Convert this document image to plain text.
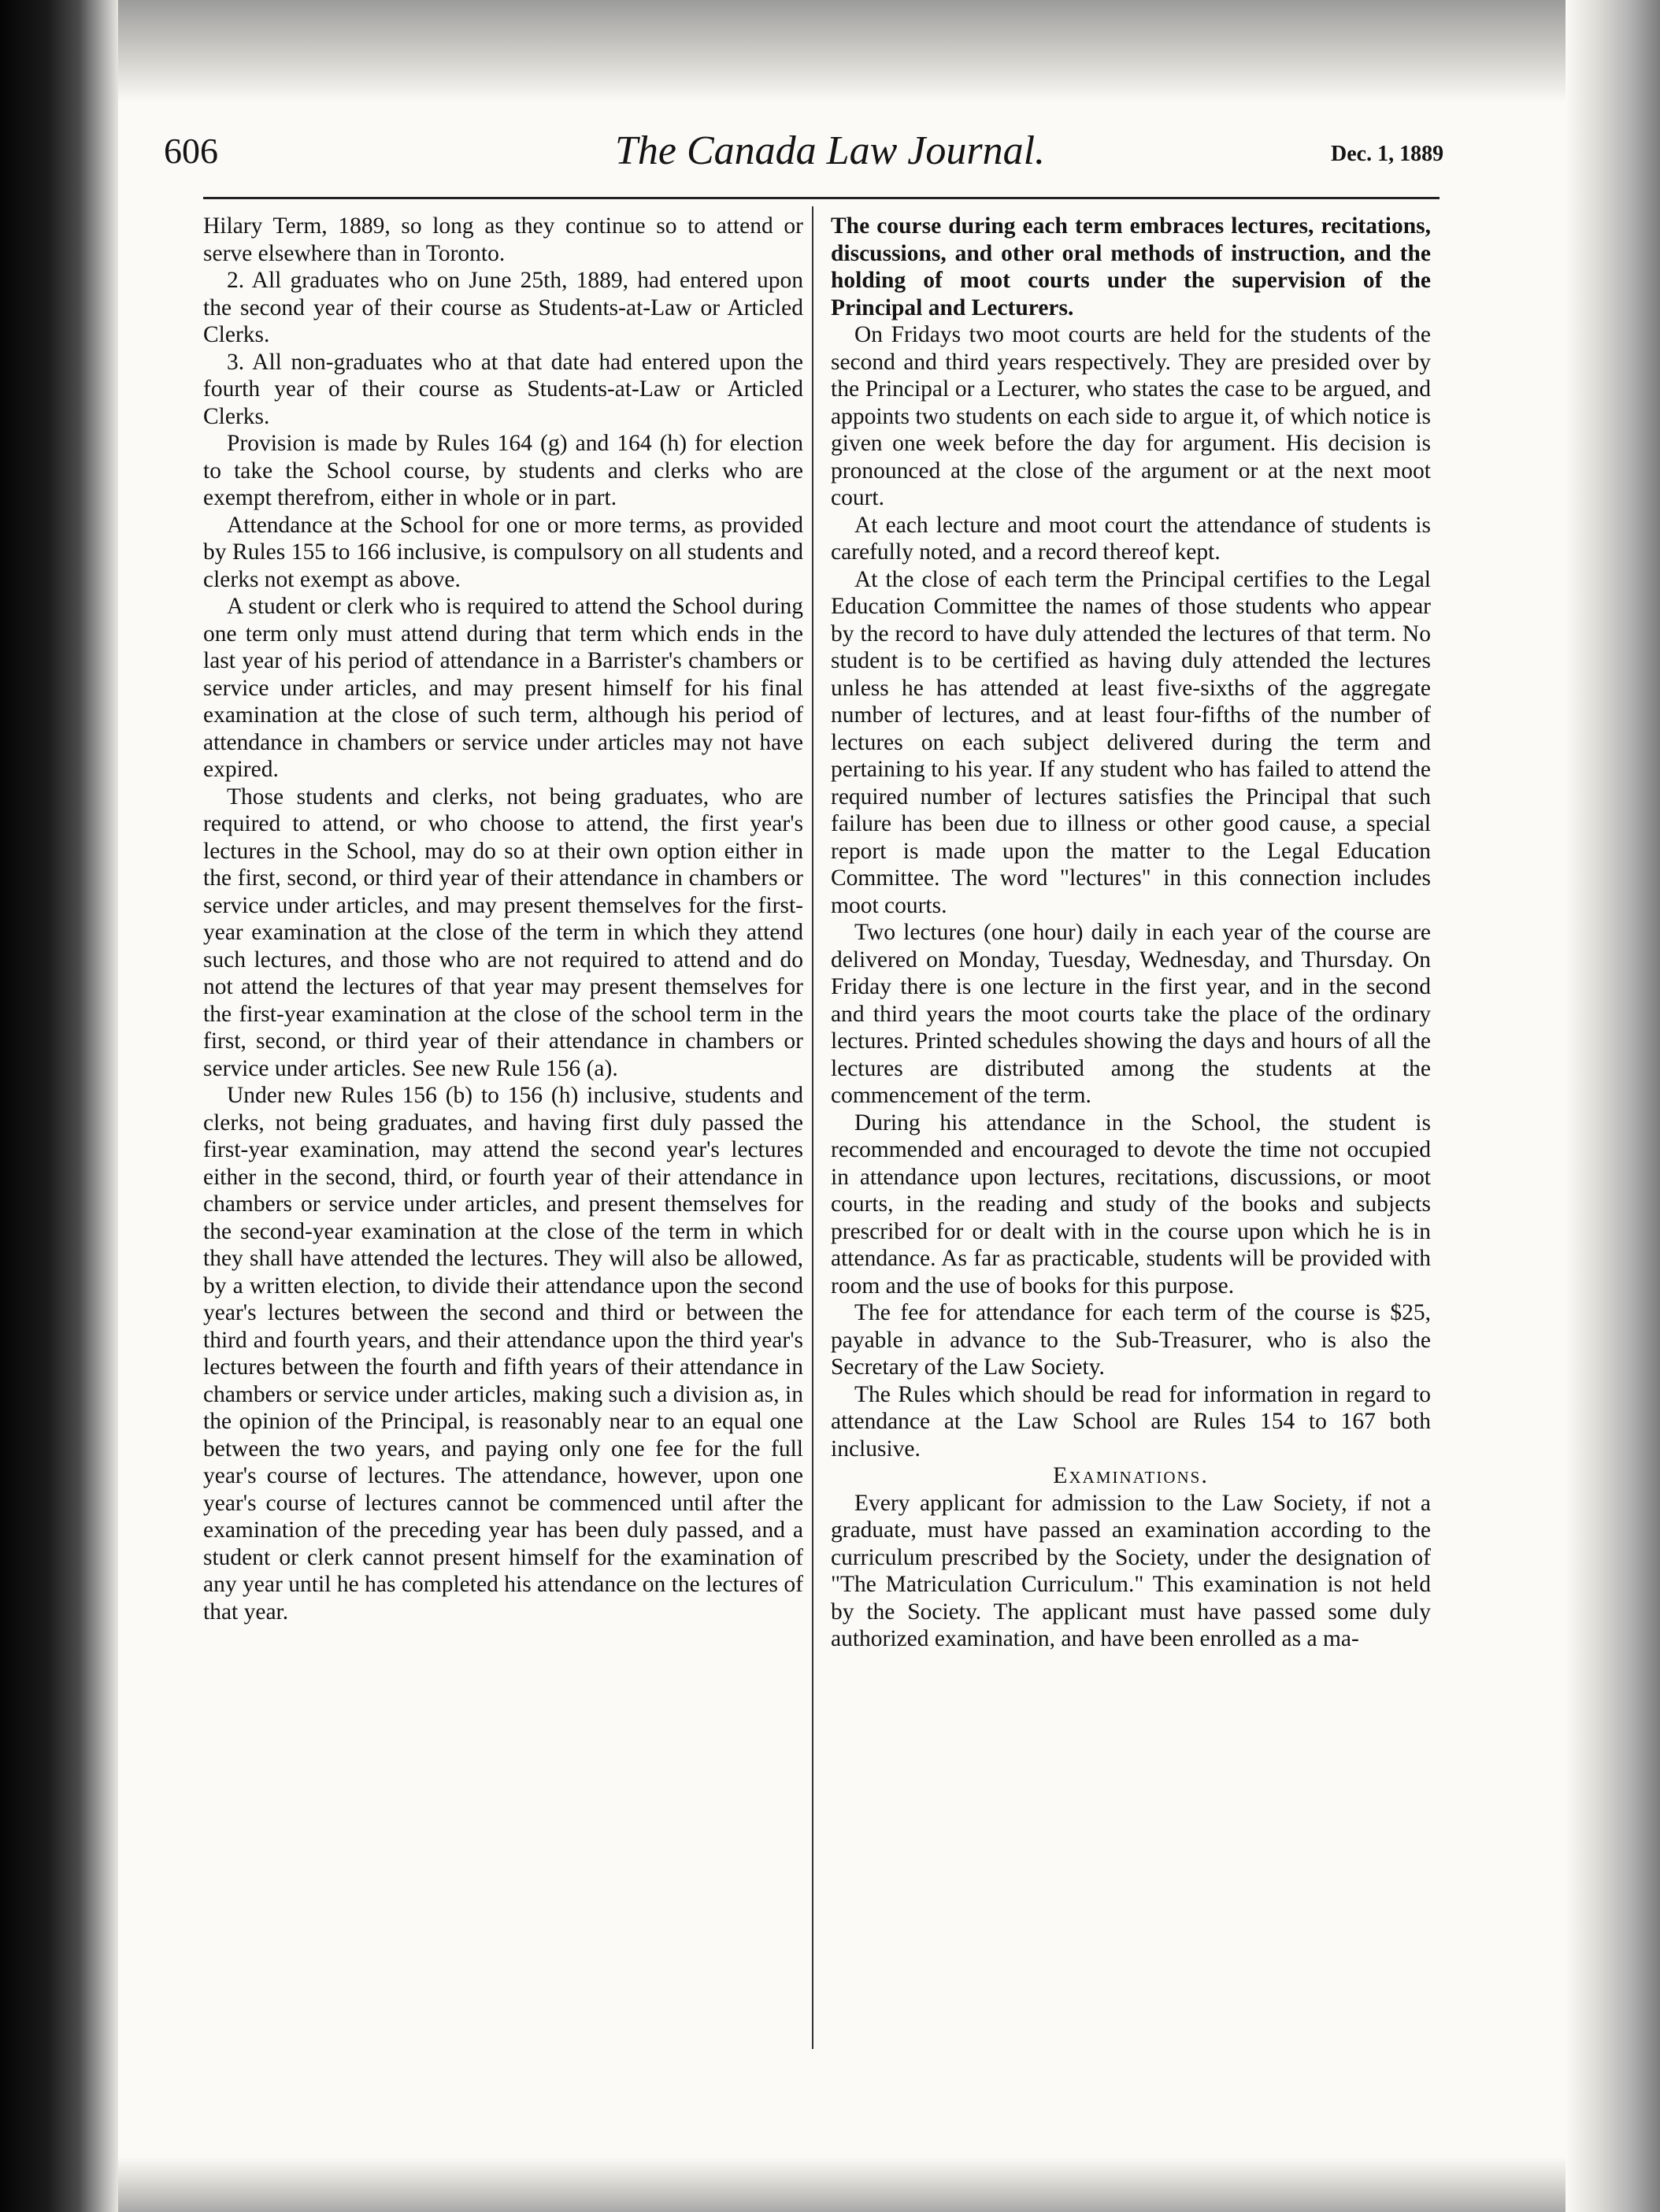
606	The Canada Law Journal.	Dec. 1, 1889

Hilary Term, 1889, so long as they continue so to attend or serve elsewhere than in Toronto.

2. All graduates who on June 25th, 1889, had entered upon the second year of their course as Students-at-Law or Articled Clerks.

3. All non-graduates who at that date had entered upon the fourth year of their course as Students-at-Law or Articled Clerks.

Provision is made by Rules 164 (g) and 164 (h) for election to take the School course, by students and clerks who are exempt therefrom, either in whole or in part.

Attendance at the School for one or more terms, as provided by Rules 155 to 166 inclusive, is compulsory on all students and clerks not exempt as above.

A student or clerk who is required to attend the School during one term only must attend during that term which ends in the last year of his period of attendance in a Barrister's chambers or service under articles, and may present himself for his final examination at the close of such term, although his period of attendance in chambers or service under articles may not have expired.

Those students and clerks, not being graduates, who are required to attend, or who choose to attend, the first year's lectures in the School, may do so at their own option either in the first, second, or third year of their attendance in chambers or service under articles, and may present themselves for the first-year examination at the close of the term in which they attend such lectures, and those who are not required to attend and do not attend the lectures of that year may present themselves for the first-year examination at the close of the school term in the first, second, or third year of their attendance in chambers or service under articles. See new Rule 156 (a).

Under new Rules 156 (b) to 156 (h) inclusive, students and clerks, not being graduates, and having first duly passed the first-year examination, may attend the second year's lectures either in the second, third, or fourth year of their attendance in chambers or service under articles, and present themselves for the second-year examination at the close of the term in which they shall have attended the lectures. They will also be allowed, by a written election, to divide their attendance upon the second year's lectures between the second and third or between the third and fourth years, and their attendance upon the third year's lectures between the fourth and fifth years of their attendance in chambers or service under articles, making such a division as, in the opinion of the Principal, is reasonably near to an equal one between the two years, and paying only one fee for the full year's course of lectures. The attendance, however, upon one year's course of lectures cannot be commenced until after the examination of the preceding year has been duly passed, and a student or clerk cannot present himself for the examination of any year until he has completed his attendance on the lectures of that year.

The course during each term embraces lectures, recitations, discussions, and other oral methods of instruction, and the holding of moot courts under the supervision of the Principal and Lecturers.

On Fridays two moot courts are held for the students of the second and third years respectively. They are presided over by the Principal or a Lecturer, who states the case to be argued, and appoints two students on each side to argue it, of which notice is given one week before the day for argument. His decision is pronounced at the close of the argument or at the next moot court.

At each lecture and moot court the attendance of students is carefully noted, and a record thereof kept.

At the close of each term the Principal certifies to the Legal Education Committee the names of those students who appear by the record to have duly attended the lectures of that term. No student is to be certified as having duly attended the lectures unless he has attended at least five-sixths of the aggregate number of lectures, and at least four-fifths of the number of lectures on each subject delivered during the term and pertaining to his year. If any student who has failed to attend the required number of lectures satisfies the Principal that such failure has been due to illness or other good cause, a special report is made upon the matter to the Legal Education Committee. The word "lectures" in this connection includes moot courts.

Two lectures (one hour) daily in each year of the course are delivered on Monday, Tuesday, Wednesday, and Thursday. On Friday there is one lecture in the first year, and in the second and third years the moot courts take the place of the ordinary lectures. Printed schedules showing the days and hours of all the lectures are distributed among the students at the commencement of the term.

During his attendance in the School, the student is recommended and encouraged to devote the time not occupied in attendance upon lectures, recitations, discussions, or moot courts, in the reading and study of the books and subjects prescribed for or dealt with in the course upon which he is in attendance. As far as practicable, students will be provided with room and the use of books for this purpose.

The fee for attendance for each term of the course is $25, payable in advance to the Sub-Treasurer, who is also the Secretary of the Law Society.

The Rules which should be read for information in regard to attendance at the Law School are Rules 154 to 167 both inclusive.

Examinations.

Every applicant for admission to the Law Society, if not a graduate, must have passed an examination according to the curriculum prescribed by the Society, under the designation of "The Matriculation Curriculum." This examination is not held by the Society. The applicant must have passed some duly authorized examination, and have been enrolled as a ma-
